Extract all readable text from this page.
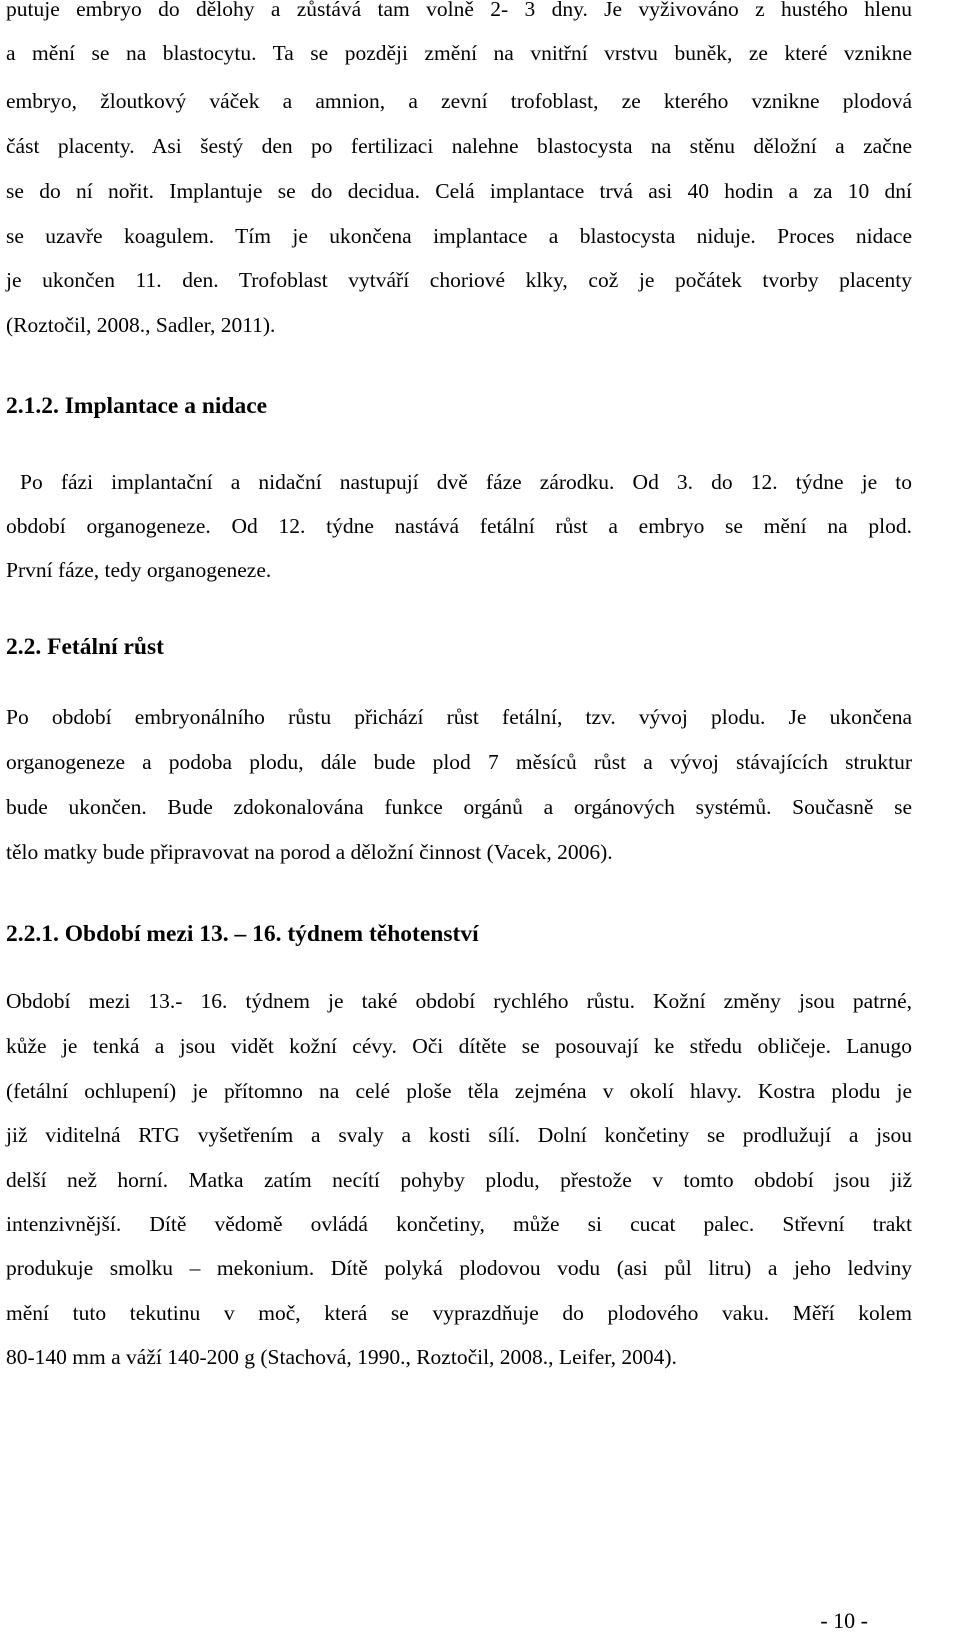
putuje embryo do dělohy a zůstává tam volně 2- 3 dny. Je vyživováno z hustého hlenu
a mění se na blastocytu. Ta se později změní na vnitřní vrstvu buněk, ze které vznikne
embryo, žloutkový váček a amnion, a zevní trofoblast, ze kterého vznikne plodová
část placenty. Asi šestý den po fertilizaci nalehne blastocysta na stěnu děložní a začne
se do ní nořit. Implantuje se do decidua. Celá implantace trvá asi 40 hodin a za 10 dní
se uzavře koagulem. Tím je ukončena implantace a blastocysta niduje. Proces nidace
je ukončen 11. den. Trofoblast vytváří choriové klky, což je počátek tvorby placenty
(Roztočil, 2008., Sadler, 2011).
2.1.2. Implantace a nidace
Po fázi implantační a nidační nastupují dvě fáze zárodku. Od 3. do 12. týdne je to
období organogeneze. Od 12. týdne nastává fetální růst a embryo se mění na plod.
První fáze, tedy organogeneze.
2.2. Fetální růst
Po období embryonálního růstu přichází růst fetální, tzv. vývoj plodu. Je ukončena
organogeneze a podoba plodu, dále bude plod 7 měsíců růst a vývoj stávajících struktur
bude ukončen. Bude zdokonalována funkce orgánů a orgánových systémů. Současně se
tělo matky bude připravovat na porod a děložní činnost (Vacek, 2006).
2.2.1. Období mezi 13. – 16. týdnem těhotenství
Období mezi 13.- 16. týdnem je také období rychlého růstu. Kožní změny jsou patrné,
kůže je tenká a jsou vidět kožní cévy. Oči dítěte se posouvají ke středu obličeje. Lanugo
(fetální ochlupení) je přítomno na celé ploše těla zejména v okolí hlavy. Kostra plodu je
již viditelná RTG vyšetřením a svaly a kosti sílí. Dolní končetiny se prodlužují a jsou
delší než horní. Matka zatím necítí pohyby plodu, přestože v tomto období jsou již
intenzivnější. Dítě vědomě ovládá končetiny, může si cucat palec. Střevní trakt
produkuje smolku – mekonium. Dítě polyká plodovou vodu (asi půl litru) a jeho ledviny
mění tuto tekutinu v moč, která se vyprazdňuje do plodového vaku. Měří kolem
80-140 mm a váží 140-200 g (Stachová, 1990., Roztočil, 2008., Leifer, 2004).
- 10 -
